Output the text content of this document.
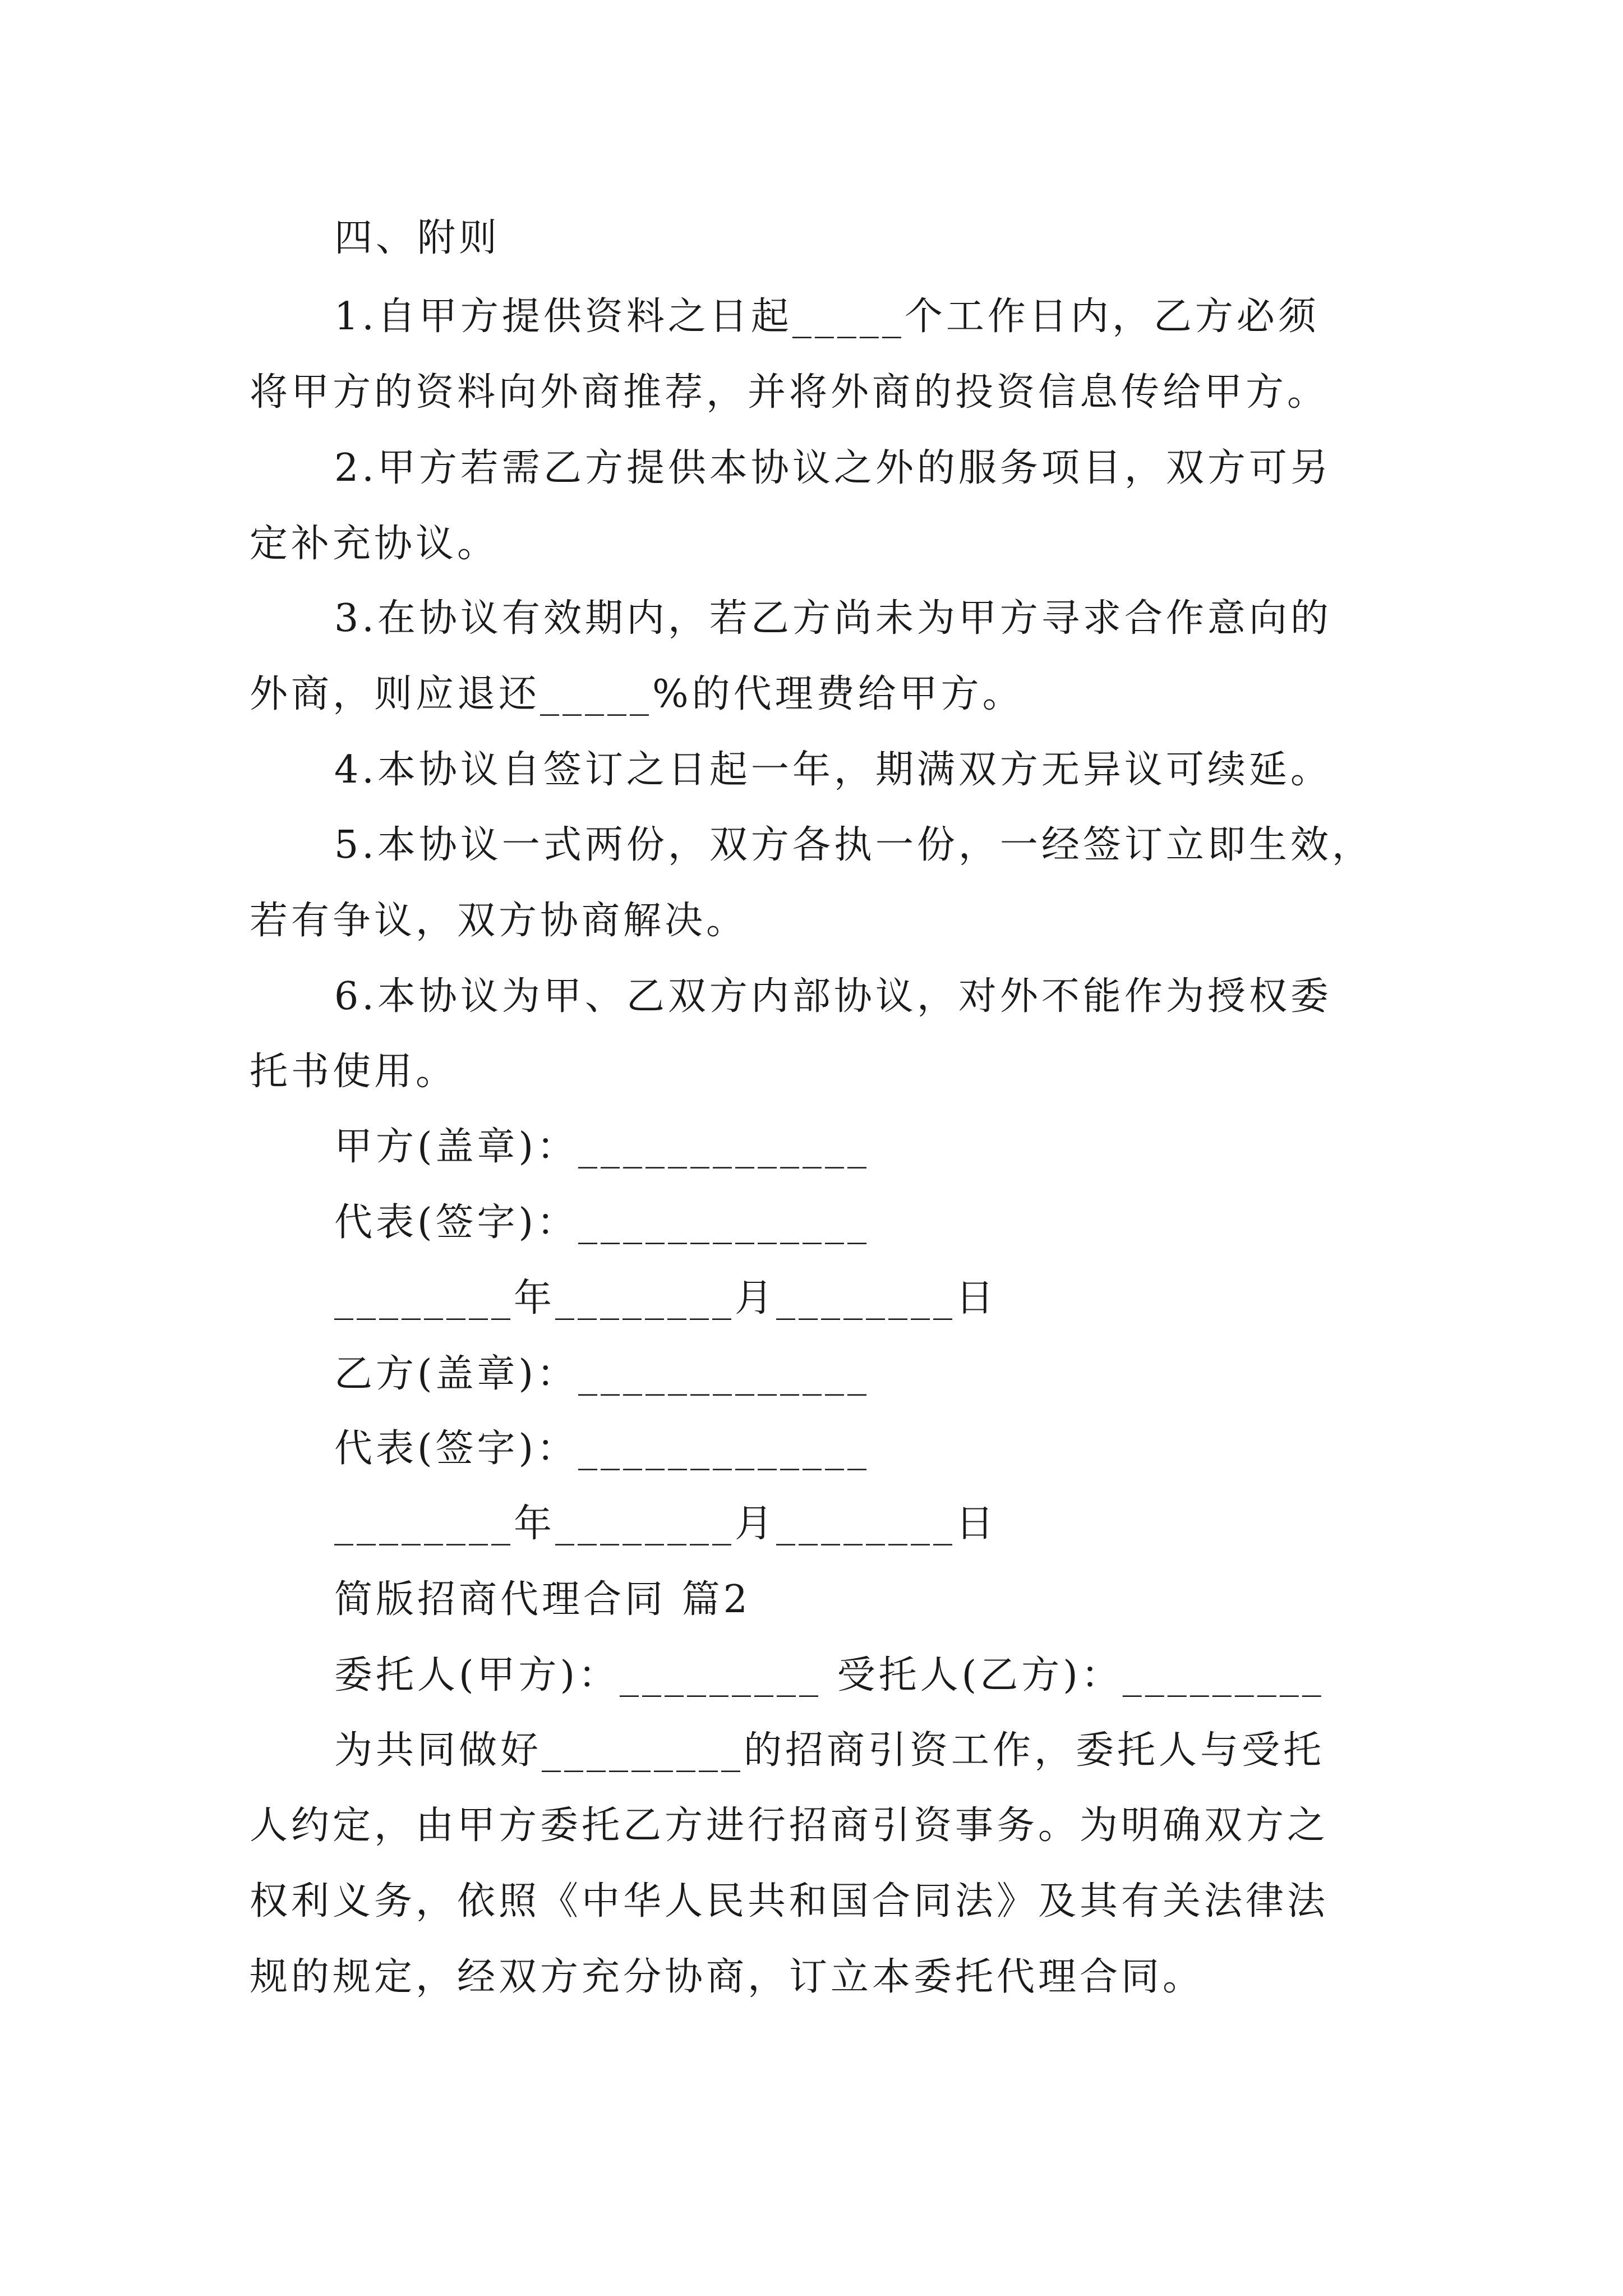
四、附则
1.自甲方提供资料之日起_____个工作日内，乙方必须
将甲方的资料向外商推荐，并将外商的投资信息传给甲方。
2.甲方若需乙方提供本协议之外的服务项目，双方可另
定补充协议。
3.在协议有效期内，若乙方尚未为甲方寻求合作意向的
外商，则应退还_____%的代理费给甲方。
4.本协议自签订之日起一年，期满双方无异议可续延。
5.本协议一式两份，双方各执一份，一经签订立即生效，
若有争议，双方协商解决。
6.本协议为甲、乙双方内部协议，对外不能作为授权委
托书使用。
甲方(盖章)：_____________
代表(签字)：_____________
________年________月________日
乙方(盖章)：_____________
代表(签字)：_____________
________年________月________日
简版招商代理合同 篇2
委托人(甲方)：_________ 受托人(乙方)：_________
为共同做好_________的招商引资工作，委托人与受托
人约定，由甲方委托乙方进行招商引资事务。为明确双方之
权利义务，依照《中华人民共和国合同法》及其有关法律法
规的规定，经双方充分协商，订立本委托代理合同。
